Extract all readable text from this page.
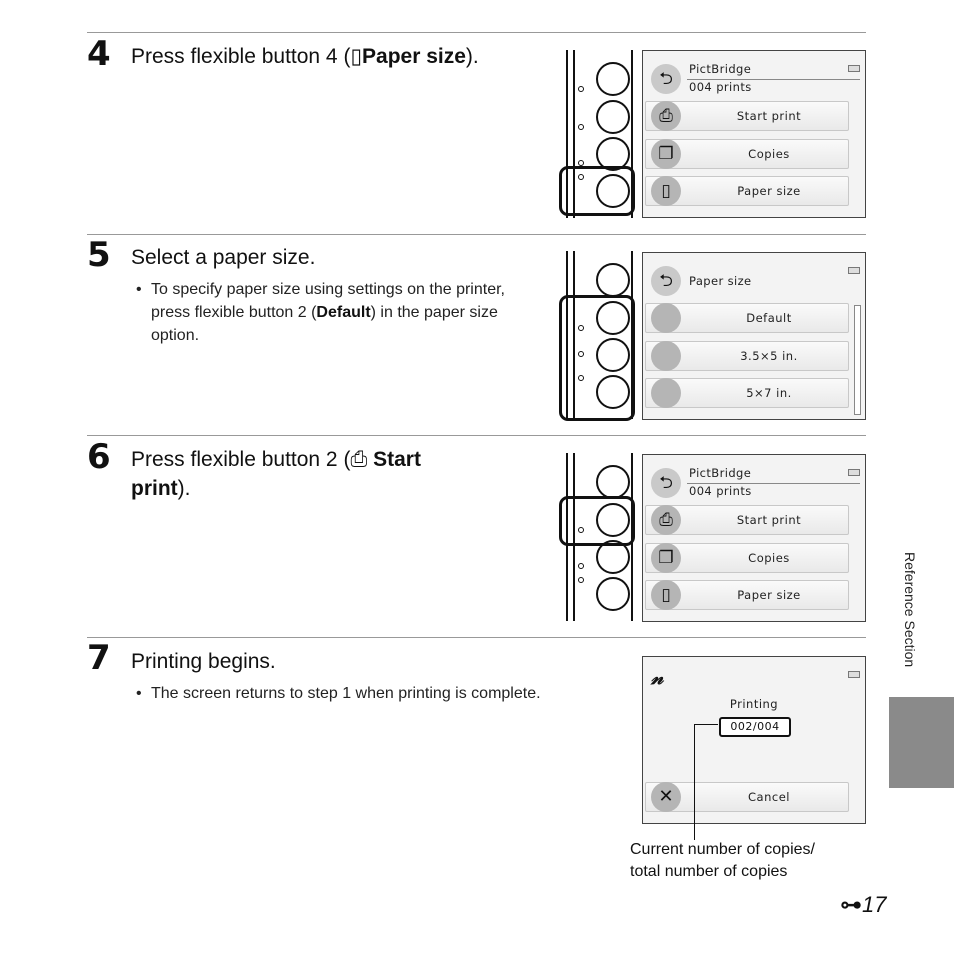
4 Press flexible button 4 (▯Paper size).
⮌	PictBridge
004 prints
Start print
⎙
Copies
❐
Paper size
▯
5 Select a paper size.
• To specify paper size using settings on the printer, press flexible button 2 (Default) in the paper size option.
⮌	Paper size
Default
3.5×5 in.
5×7 in.
6 Press flexible button 2 (⎙ Start
print).	⮌	PictBridge
004 prints
Start print
⎙
Copies
❐
Paper size
▯
7 Printing begins.
• The screen returns to step 1 when printing is complete.
𝓃
Printing
002/004
Cancel
✕
Current number of copies/
total number of copies
Reference Section
⊶17
